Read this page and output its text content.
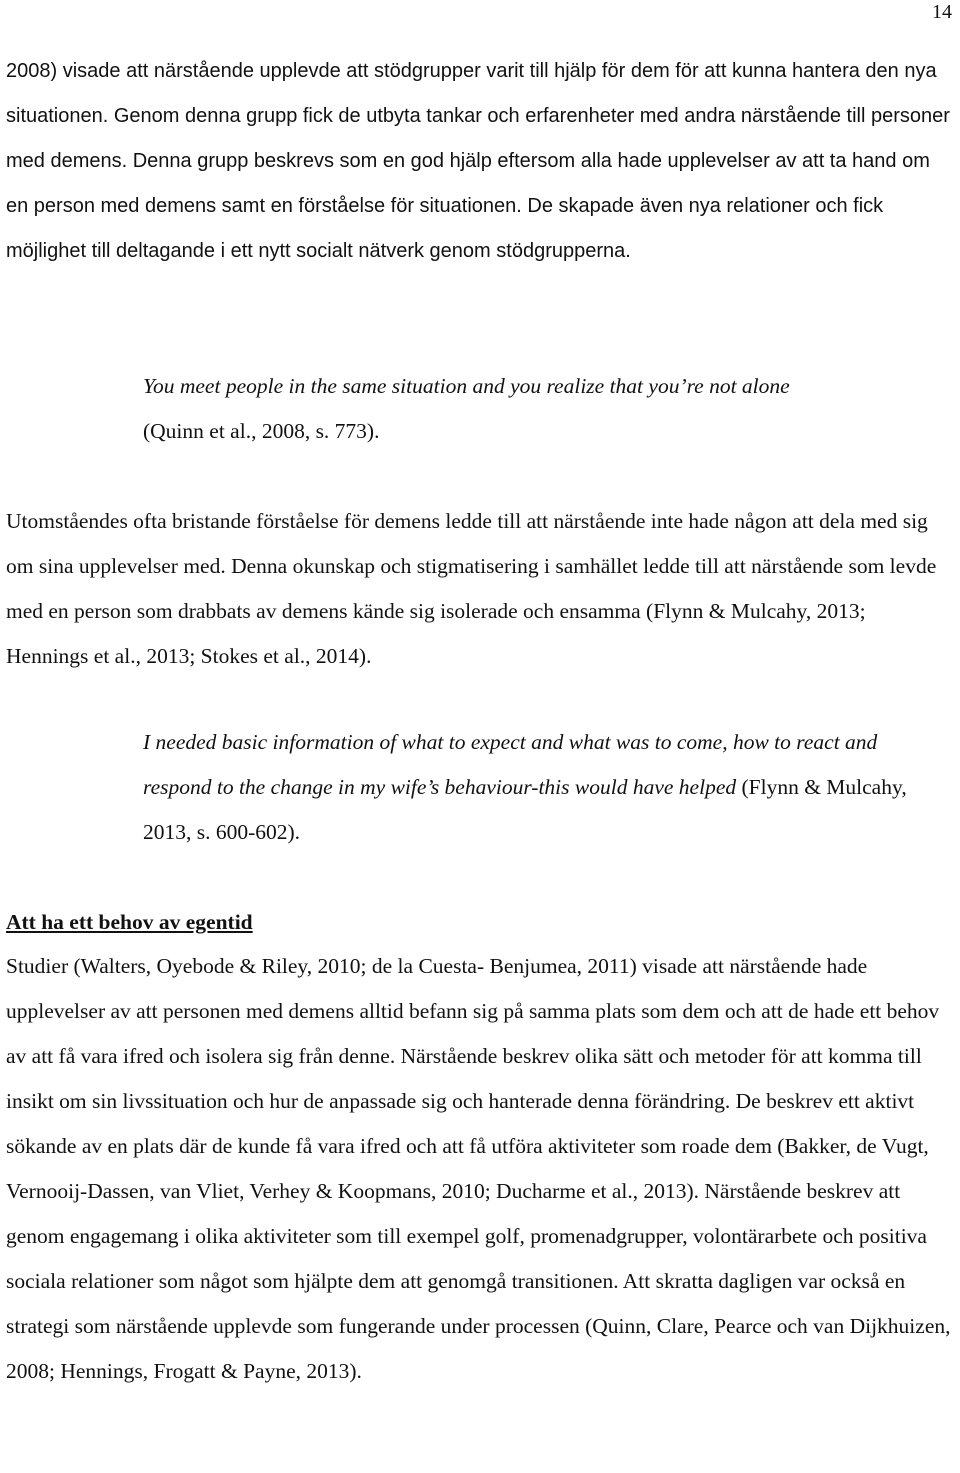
14

2008) visade att närstående upplevde att stödgrupper varit till hjälp för dem för att kunna hantera den nya situationen. Genom denna grupp fick de utbyta tankar och erfarenheter med andra närstående till personer med demens. Denna grupp beskrevs som en god hjälp eftersom alla hade upplevelser av att ta hand om en person med demens samt en förståelse för situationen. De skapade även nya relationer och fick möjlighet till deltagande i ett nytt socialt nätverk genom stödgrupperna.

You meet people in the same situation and you realize that you’re not alone
(Quinn et al., 2008, s. 773).

Utomståendes ofta bristande förståelse för demens ledde till att närstående inte hade någon att dela med sig om sina upplevelser med. Denna okunskap och stigmatisering i samhället ledde till att närstående som levde med en person som drabbats av demens kände sig isolerade och ensamma (Flynn & Mulcahy, 2013; Hennings et al., 2013; Stokes et al., 2014).

I needed basic information of what to expect and what was to come, how to react and respond to the change in my wife’s behaviour-this would have helped (Flynn & Mulcahy, 2013, s. 600-602).

Att ha ett behov av egentid

Studier (Walters, Oyebode & Riley, 2010; de la Cuesta- Benjumea, 2011) visade att närstående hade upplevelser av att personen med demens alltid befann sig på samma plats som dem och att de hade ett behov av att få vara ifred och isolera sig från denne. Närstående beskrev olika sätt och metoder för att komma till insikt om sin livssituation och hur de anpassade sig och hanterade denna förändring. De beskrev ett aktivt sökande av en plats där de kunde få vara ifred och att få utföra aktiviteter som roade dem (Bakker, de Vugt, Vernooij-Dassen, van Vliet, Verhey & Koopmans, 2010; Ducharme et al., 2013). Närstående beskrev att genom engagemang i olika aktiviteter som till exempel golf, promenadgrupper, volontärarbete och positiva sociala relationer som något som hjälpte dem att genomgå transitionen. Att skratta dagligen var också en strategi som närstående upplevde som fungerande under processen (Quinn, Clare, Pearce och van Dijkhuizen, 2008; Hennings, Frogatt & Payne, 2013).
